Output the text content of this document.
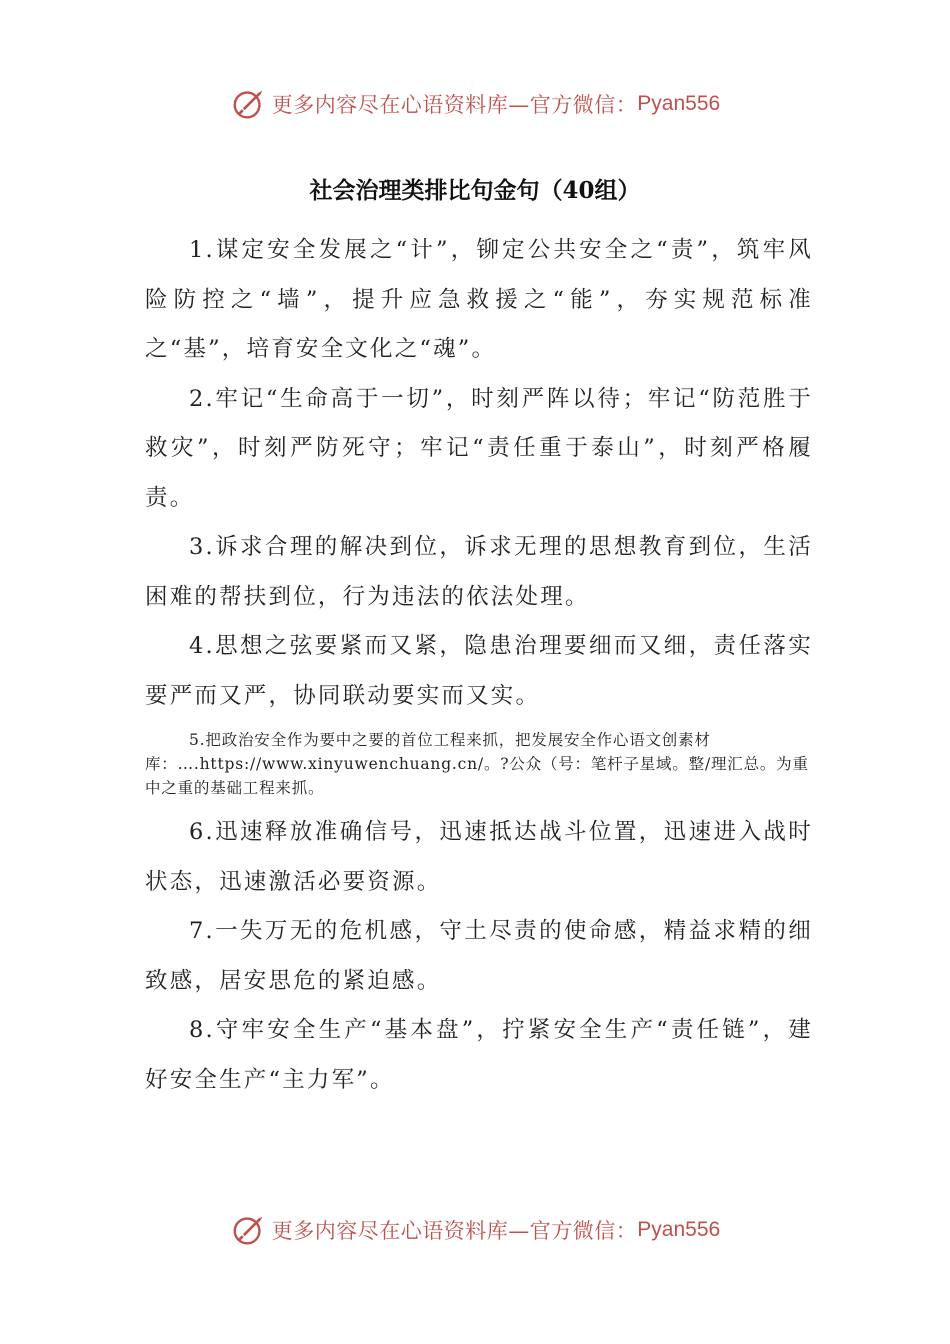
更多内容尽在心语资料库—官方微信： Pyan556
社会治理类排比句金句（40组）

1.谋定安全发展之“计”，铆定公共安全之“责”，筑牢风险防控之“墙”，提升应急救援之“能”，夯实规范标准之“基”，培育安全文化之“魂”。

2.牢记“生命高于一切”，时刻严阵以待；牢记“防范胜于救灾”，时刻严防死守；牢记“责任重于泰山”，时刻严格履责。

3.诉求合理的解决到位，诉求无理的思想教育到位，生活困难的帮扶到位，行为违法的依法处理。

4.思想之弦要紧而又紧，隐患治理要细而又细，责任落实要严而又严，协同联动要实而又实。

5.把政治安全作为要中之要的首位工程来抓，把发展安全作心语文创素材库：….https://www.xinyuwenchuang.cn/。?公众（号：笔杆子星域。整/理汇总。为重中之重的基础工程来抓。

6.迅速释放准确信号，迅速抵达战斗位置，迅速进入战时状态，迅速激活必要资源。

7.一失万无的危机感，守土尽责的使命感，精益求精的细致感，居安思危的紧迫感。

8.守牢安全生产“基本盘”，拧紧安全生产“责任链”，建好安全生产“主力军”。

更多内容尽在心语资料库—官方微信： Pyan556
